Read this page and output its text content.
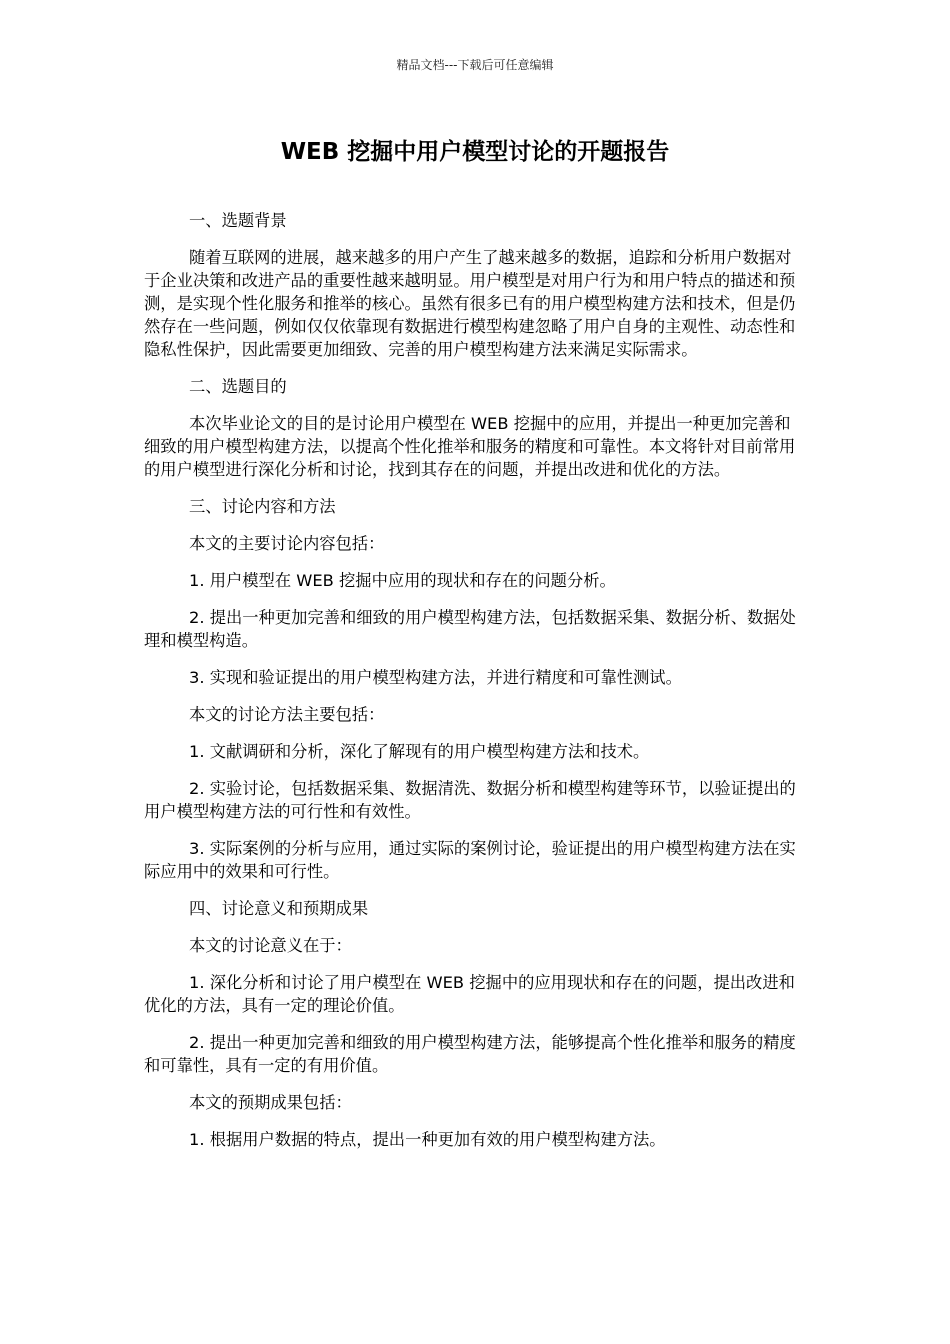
精品文档---下载后可任意编辑
WEB 挖掘中用户模型讨论的开题报告

一、选题背景

随着互联网的进展，越来越多的用户产生了越来越多的数据，追踪和分析用户数据对于企业决策和改进产品的重要性越来越明显。用户模型是对用户行为和用户特点的描述和预测，是实现个性化服务和推举的核心。虽然有很多已有的用户模型构建方法和技术，但是仍然存在一些问题，例如仅仅依靠现有数据进行模型构建忽略了用户自身的主观性、动态性和隐私性保护，因此需要更加细致、完善的用户模型构建方法来满足实际需求。

二、选题目的

本次毕业论文的目的是讨论用户模型在 WEB 挖掘中的应用，并提出一种更加完善和细致的用户模型构建方法，以提高个性化推举和服务的精度和可靠性。本文将针对目前常用的用户模型进行深化分析和讨论，找到其存在的问题，并提出改进和优化的方法。

三、讨论内容和方法

本文的主要讨论内容包括：

1. 用户模型在 WEB 挖掘中应用的现状和存在的问题分析。

2. 提出一种更加完善和细致的用户模型构建方法，包括数据采集、数据分析、数据处理和模型构造。

3. 实现和验证提出的用户模型构建方法，并进行精度和可靠性测试。

本文的讨论方法主要包括：

1. 文献调研和分析，深化了解现有的用户模型构建方法和技术。

2. 实验讨论，包括数据采集、数据清洗、数据分析和模型构建等环节，以验证提出的用户模型构建方法的可行性和有效性。

3. 实际案例的分析与应用，通过实际的案例讨论，验证提出的用户模型构建方法在实际应用中的效果和可行性。

四、讨论意义和预期成果

本文的讨论意义在于：

1. 深化分析和讨论了用户模型在 WEB 挖掘中的应用现状和存在的问题，提出改进和优化的方法，具有一定的理论价值。

2. 提出一种更加完善和细致的用户模型构建方法，能够提高个性化推举和服务的精度和可靠性，具有一定的有用价值。

本文的预期成果包括：

1. 根据用户数据的特点，提出一种更加有效的用户模型构建方法。
